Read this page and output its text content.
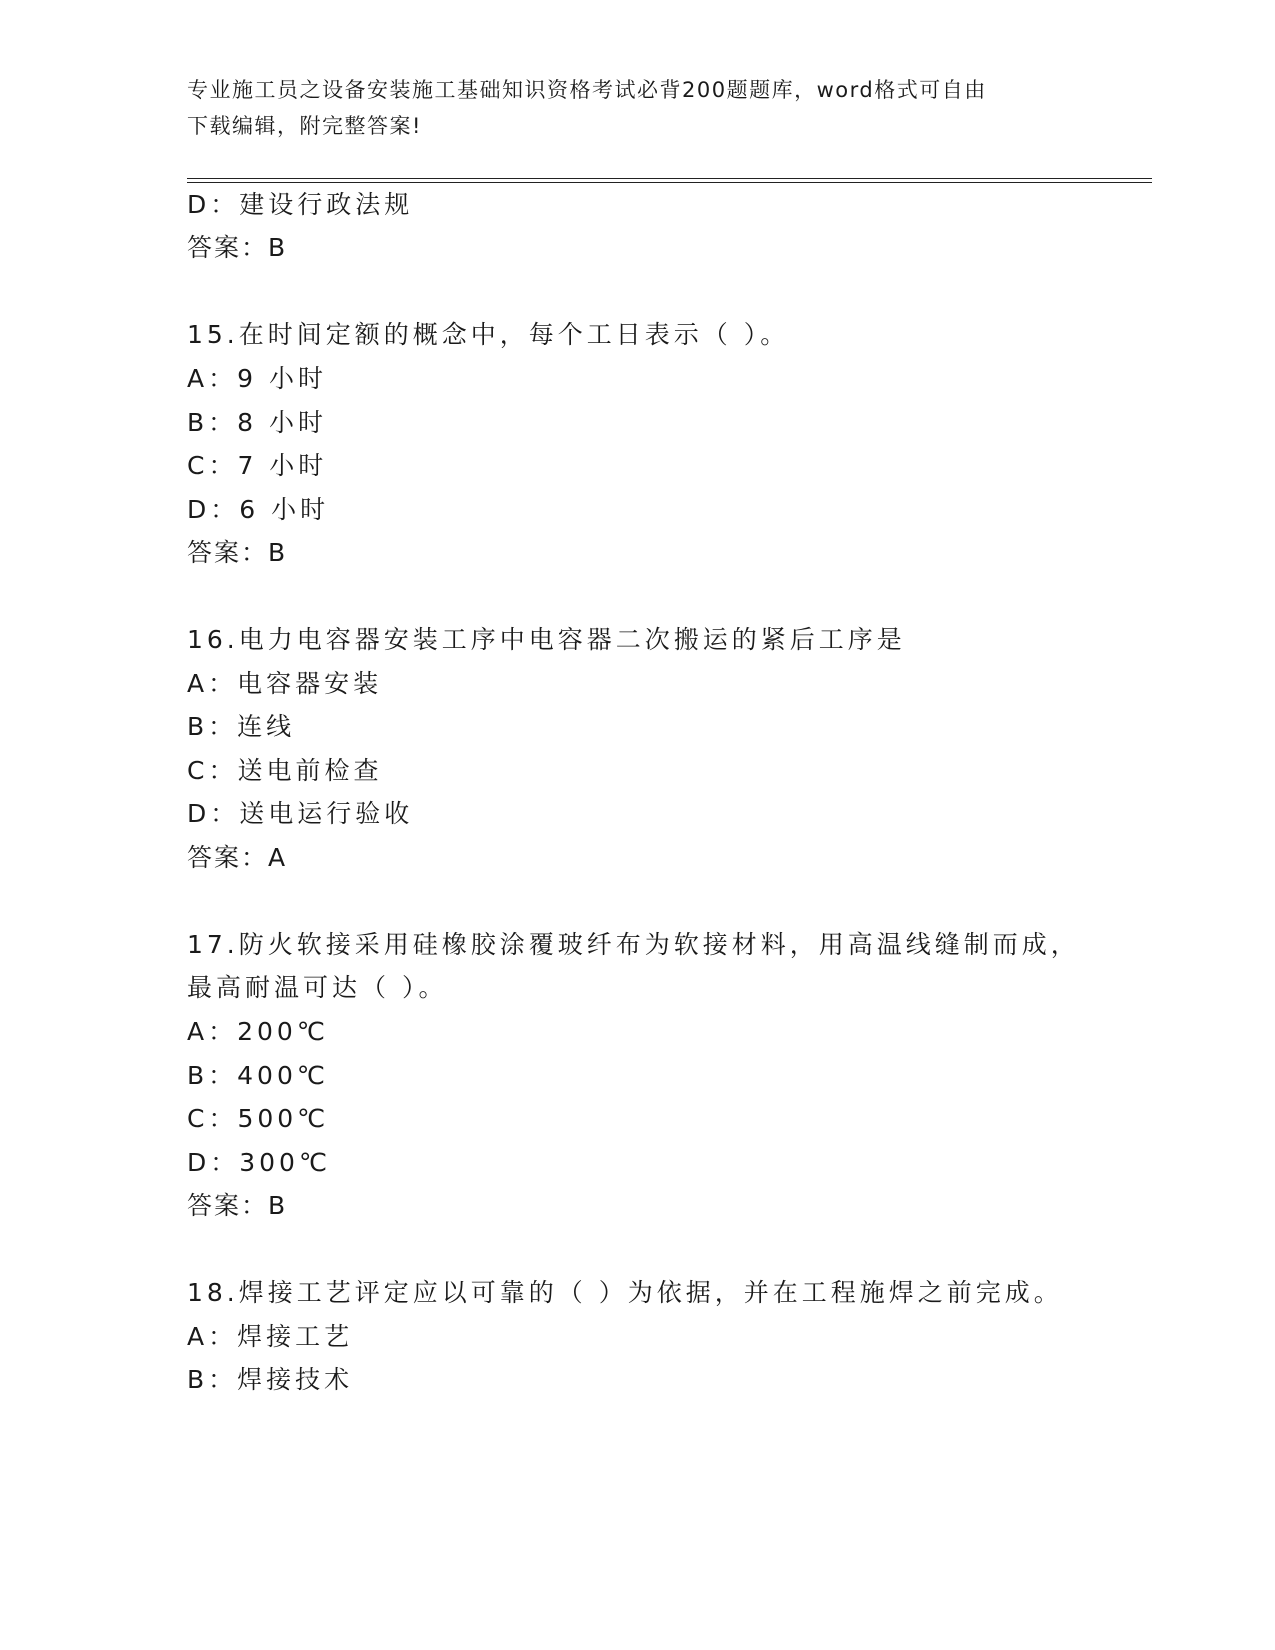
专业施工员之设备安装施工基础知识资格考试必背200题题库，word格式可自由
下载编辑，附完整答案!
D：建设行政法规
答案：B
15.在时间定额的概念中，每个工日表示（ ）。
A：9 小时
B：8 小时
C：7 小时
D：6 小时
答案：B
16.电力电容器安装工序中电容器二次搬运的紧后工序是
A：电容器安装
B：连线
C：送电前检查
D：送电运行验收
答案：A
17.防火软接采用硅橡胶涂覆玻纤布为软接材料，用高温线缝制而成，
最高耐温可达（ ）。
A：200℃
B：400℃
C：500℃
D：300℃
答案：B
18.焊接工艺评定应以可靠的（ ）为依据，并在工程施焊之前完成。
A：焊接工艺
B：焊接技术
